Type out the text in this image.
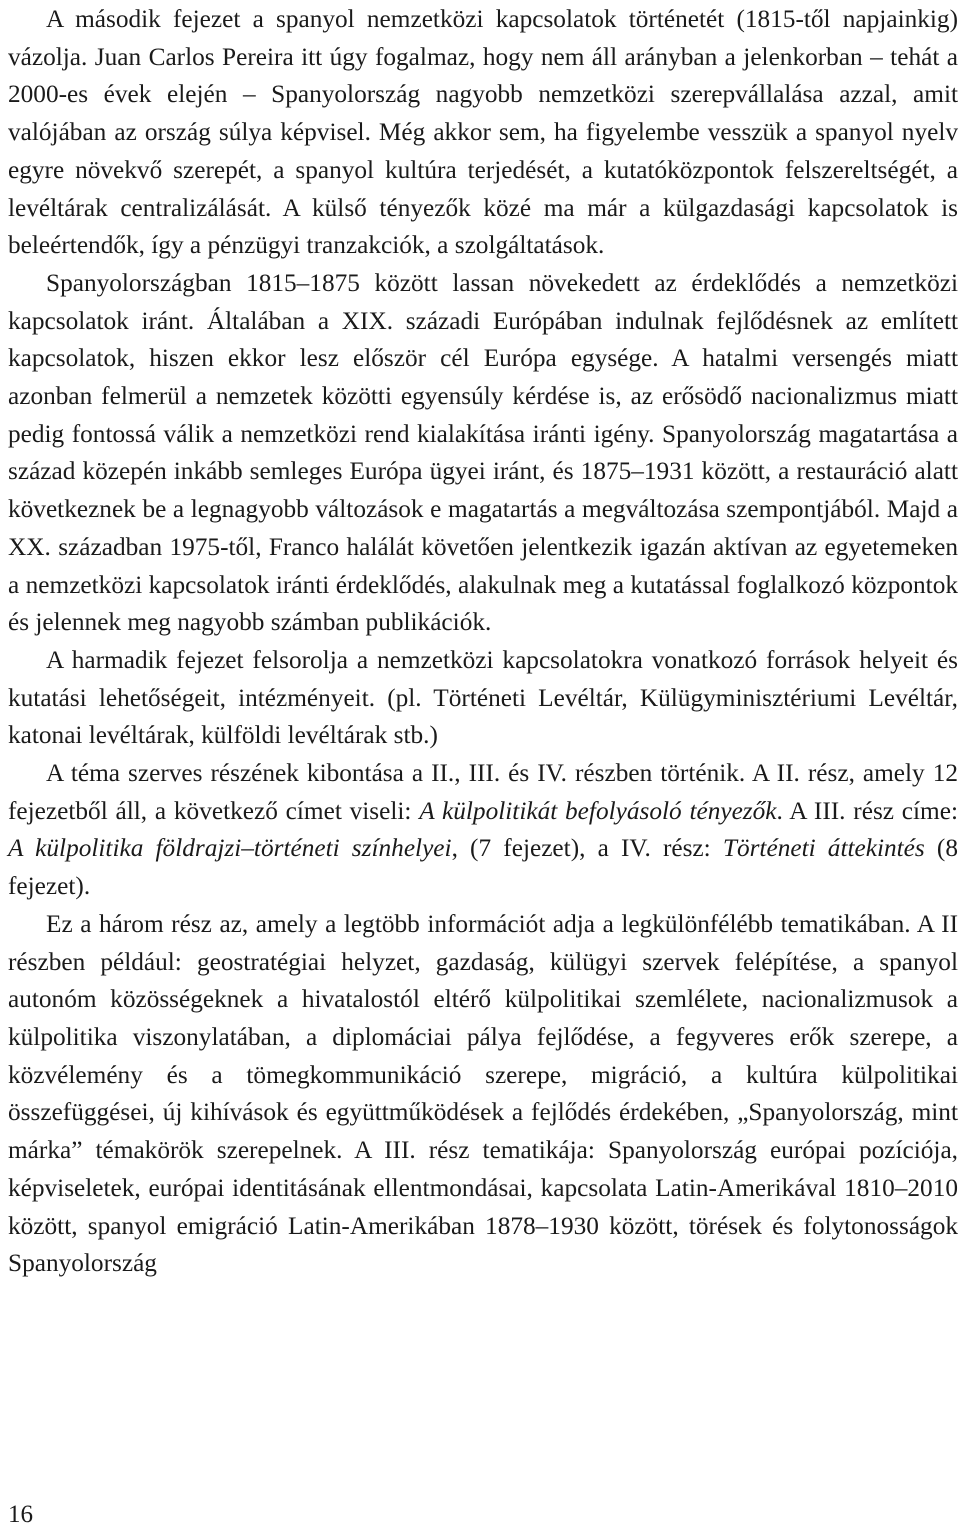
A második fejezet a spanyol nemzetközi kapcsolatok történetét (1815-től napjainkig) vázolja. Juan Carlos Pereira itt úgy fogalmaz, hogy nem áll arányban a jelenkorban – tehát a 2000-es évek elején – Spanyolország nagyobb nemzetközi szerepvállalása azzal, amit valójában az ország súlya képvisel. Még akkor sem, ha figyelembe vesszük a spanyol nyelv egyre növekvő szerepét, a spanyol kultúra terjedését, a kutatóközpontok felszereltségét, a levéltárak centralizálását. A külső tényezők közé ma már a külgazdasági kapcsolatok is beleértendők, így a pénzügyi tranzakciók, a szolgáltatások.

Spanyolországban 1815–1875 között lassan növekedett az érdeklődés a nemzetközi kapcsolatok iránt. Általában a XIX. századi Európában indulnak fejlődésnek az említett kapcsolatok, hiszen ekkor lesz először cél Európa egysége. A hatalmi versengés miatt azonban felmerül a nemzetek közötti egyensúly kérdése is, az erősödő nacionalizmus miatt pedig fontossá válik a nemzetközi rend kialakítása iránti igény. Spanyolország magatartása a század közepén inkább semleges Európa ügyei iránt, és 1875–1931 között, a restauráció alatt következnek be a legnagyobb változások e magatartás a megváltozása szempontjából. Majd a XX. században 1975-től, Franco halálát követően jelentkezik igazán aktívan az egyetemeken a nemzetközi kapcsolatok iránti érdeklődés, alakulnak meg a kutatással foglalkozó központok és jelennek meg nagyobb számban publikációk.

A harmadik fejezet felsorolja a nemzetközi kapcsolatokra vonatkozó források helyeit és kutatási lehetőségeit, intézményeit. (pl. Történeti Levéltár, Külügyminisztériumi Levéltár, katonai levéltárak, külföldi levéltárak stb.)

A téma szerves részének kibontása a II., III. és IV. részben történik. A II. rész, amely 12 fejezetből áll, a következő címet viseli: A külpolitikát befolyásoló tényezők. A III. rész címe: A külpolitika földrajzi–történeti színhelyei, (7 fejezet), a IV. rész: Történeti áttekintés (8 fejezet).

Ez a három rész az, amely a legtöbb információt adja a legkülönfélébb tematikában. A II részben például: geostratégiai helyzet, gazdaság, külügyi szervek felépítése, a spanyol autonóm közösségeknek a hivatalostól eltérő külpolitikai szemlélete, nacionalizmusok a külpolitika viszonylatában, a diplomáciai pálya fejlődése, a fegyveres erők szerepe, a közvélemény és a tömegkommunikáció szerepe, migráció, a kultúra külpolitikai összefüggései, új kihívások és együttműködések a fejlődés érdekében, „Spanyolország, mint márka” témakörök szerepelnek. A III. rész tematikája: Spanyolország európai pozíciója, képviseletek, európai identitásának ellentmondásai, kapcsolata Latin-Amerikával 1810–2010 között, spanyol emigráció Latin-Amerikában 1878–1930 között, törések és folytonosságok Spanyolország

16
